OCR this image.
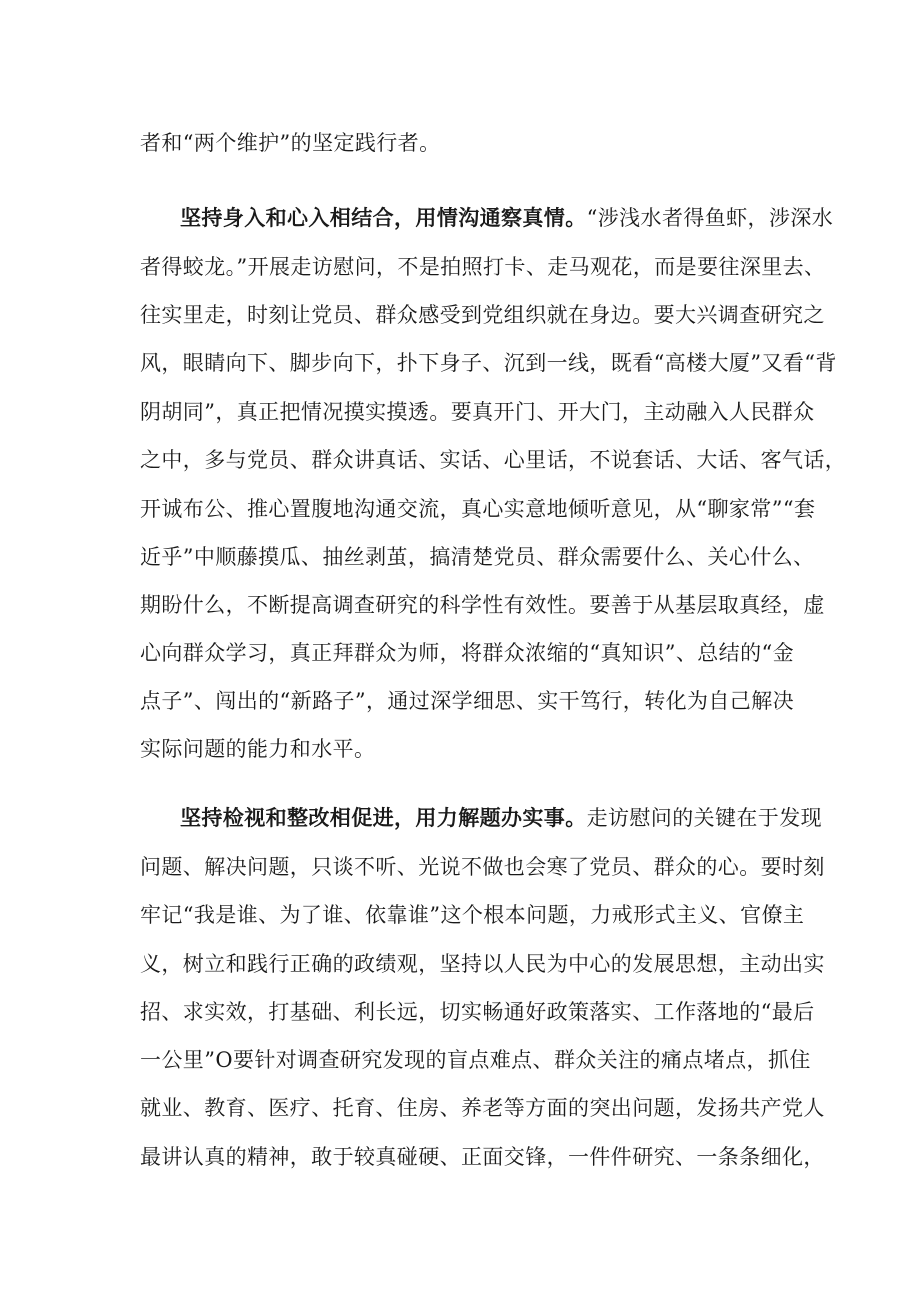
者和“两个维护”的坚定践行者。
坚持身入和心入相结合，用情沟通察真情。“涉浅水者得鱼虾，涉深水
者得蛟龙。”开展走访慰问，不是拍照打卡、走马观花，而是要往深里去、
往实里走，时刻让党员、群众感受到党组织就在身边。要大兴调查研究之
风，眼睛向下、脚步向下，扑下身子、沉到一线，既看“高楼大厦”又看“背
阴胡同”，真正把情况摸实摸透。要真开门、开大门，主动融入人民群众
之中，多与党员、群众讲真话、实话、心里话，不说套话、大话、客气话，
开诚布公、推心置腹地沟通交流，真心实意地倾听意见，从“聊家常”“套
近乎”中顺藤摸瓜、抽丝剥茧，搞清楚党员、群众需要什么、关心什么、
期盼什么，不断提高调查研究的科学性有效性。要善于从基层取真经，虚
心向群众学习，真正拜群众为师，将群众浓缩的“真知识”、总结的“金
点子”、闯出的“新路子”，通过深学细思、实干笃行，转化为自己解决
实际问题的能力和水平。
坚持检视和整改相促进，用力解题办实事。走访慰问的关键在于发现
问题、解决问题，只谈不听、光说不做也会寒了党员、群众的心。要时刻
牢记“我是谁、为了谁、依靠谁”这个根本问题，力戒形式主义、官僚主
义，树立和践行正确的政绩观，坚持以人民为中心的发展思想，主动出实
招、求实效，打基础、利长远，切实畅通好政策落实、工作落地的“最后
一公里”O要针对调查研究发现的盲点难点、群众关注的痛点堵点，抓住
就业、教育、医疗、托育、住房、养老等方面的突出问题，发扬共产党人
最讲认真的精神，敢于较真碰硬、正面交锋，一件件研究、一条条细化，
